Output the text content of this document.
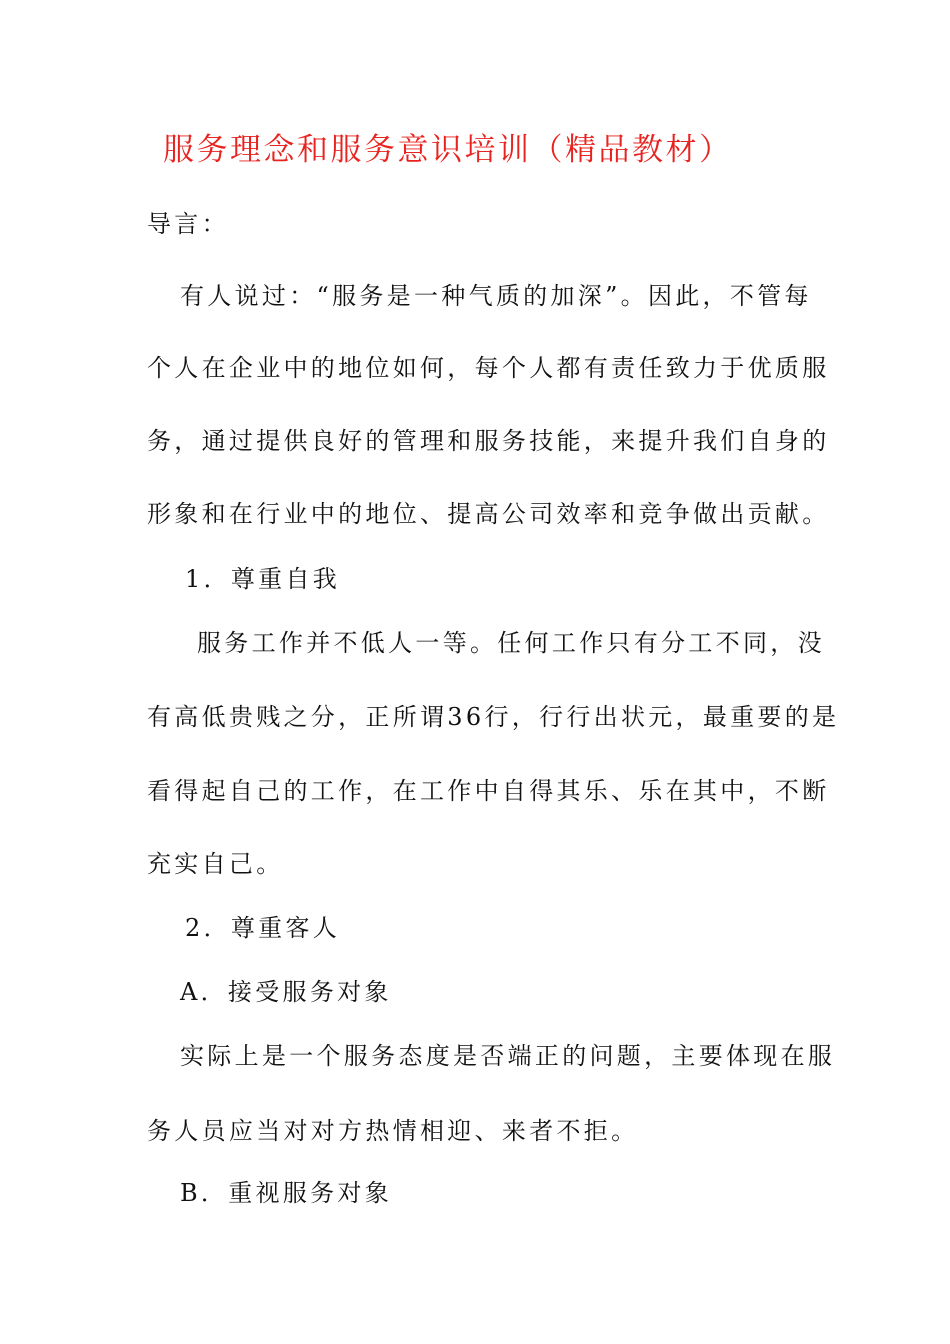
服务理念和服务意识培训（精品教材）
导言：
有人说过：“服务是一种气质的加深”。因此，不管每
个人在企业中的地位如何，每个人都有责任致力于优质服
务，通过提供良好的管理和服务技能，来提升我们自身的
形象和在行业中的地位、提高公司效率和竞争做出贡献。
1．尊重自我
服务工作并不低人一等。任何工作只有分工不同，没
有高低贵贱之分，正所谓36行，行行出状元，最重要的是
看得起自己的工作，在工作中自得其乐、乐在其中，不断
充实自己。
2．尊重客人
A．接受服务对象
实际上是一个服务态度是否端正的问题，主要体现在服
务人员应当对对方热情相迎、来者不拒。
B．重视服务对象
